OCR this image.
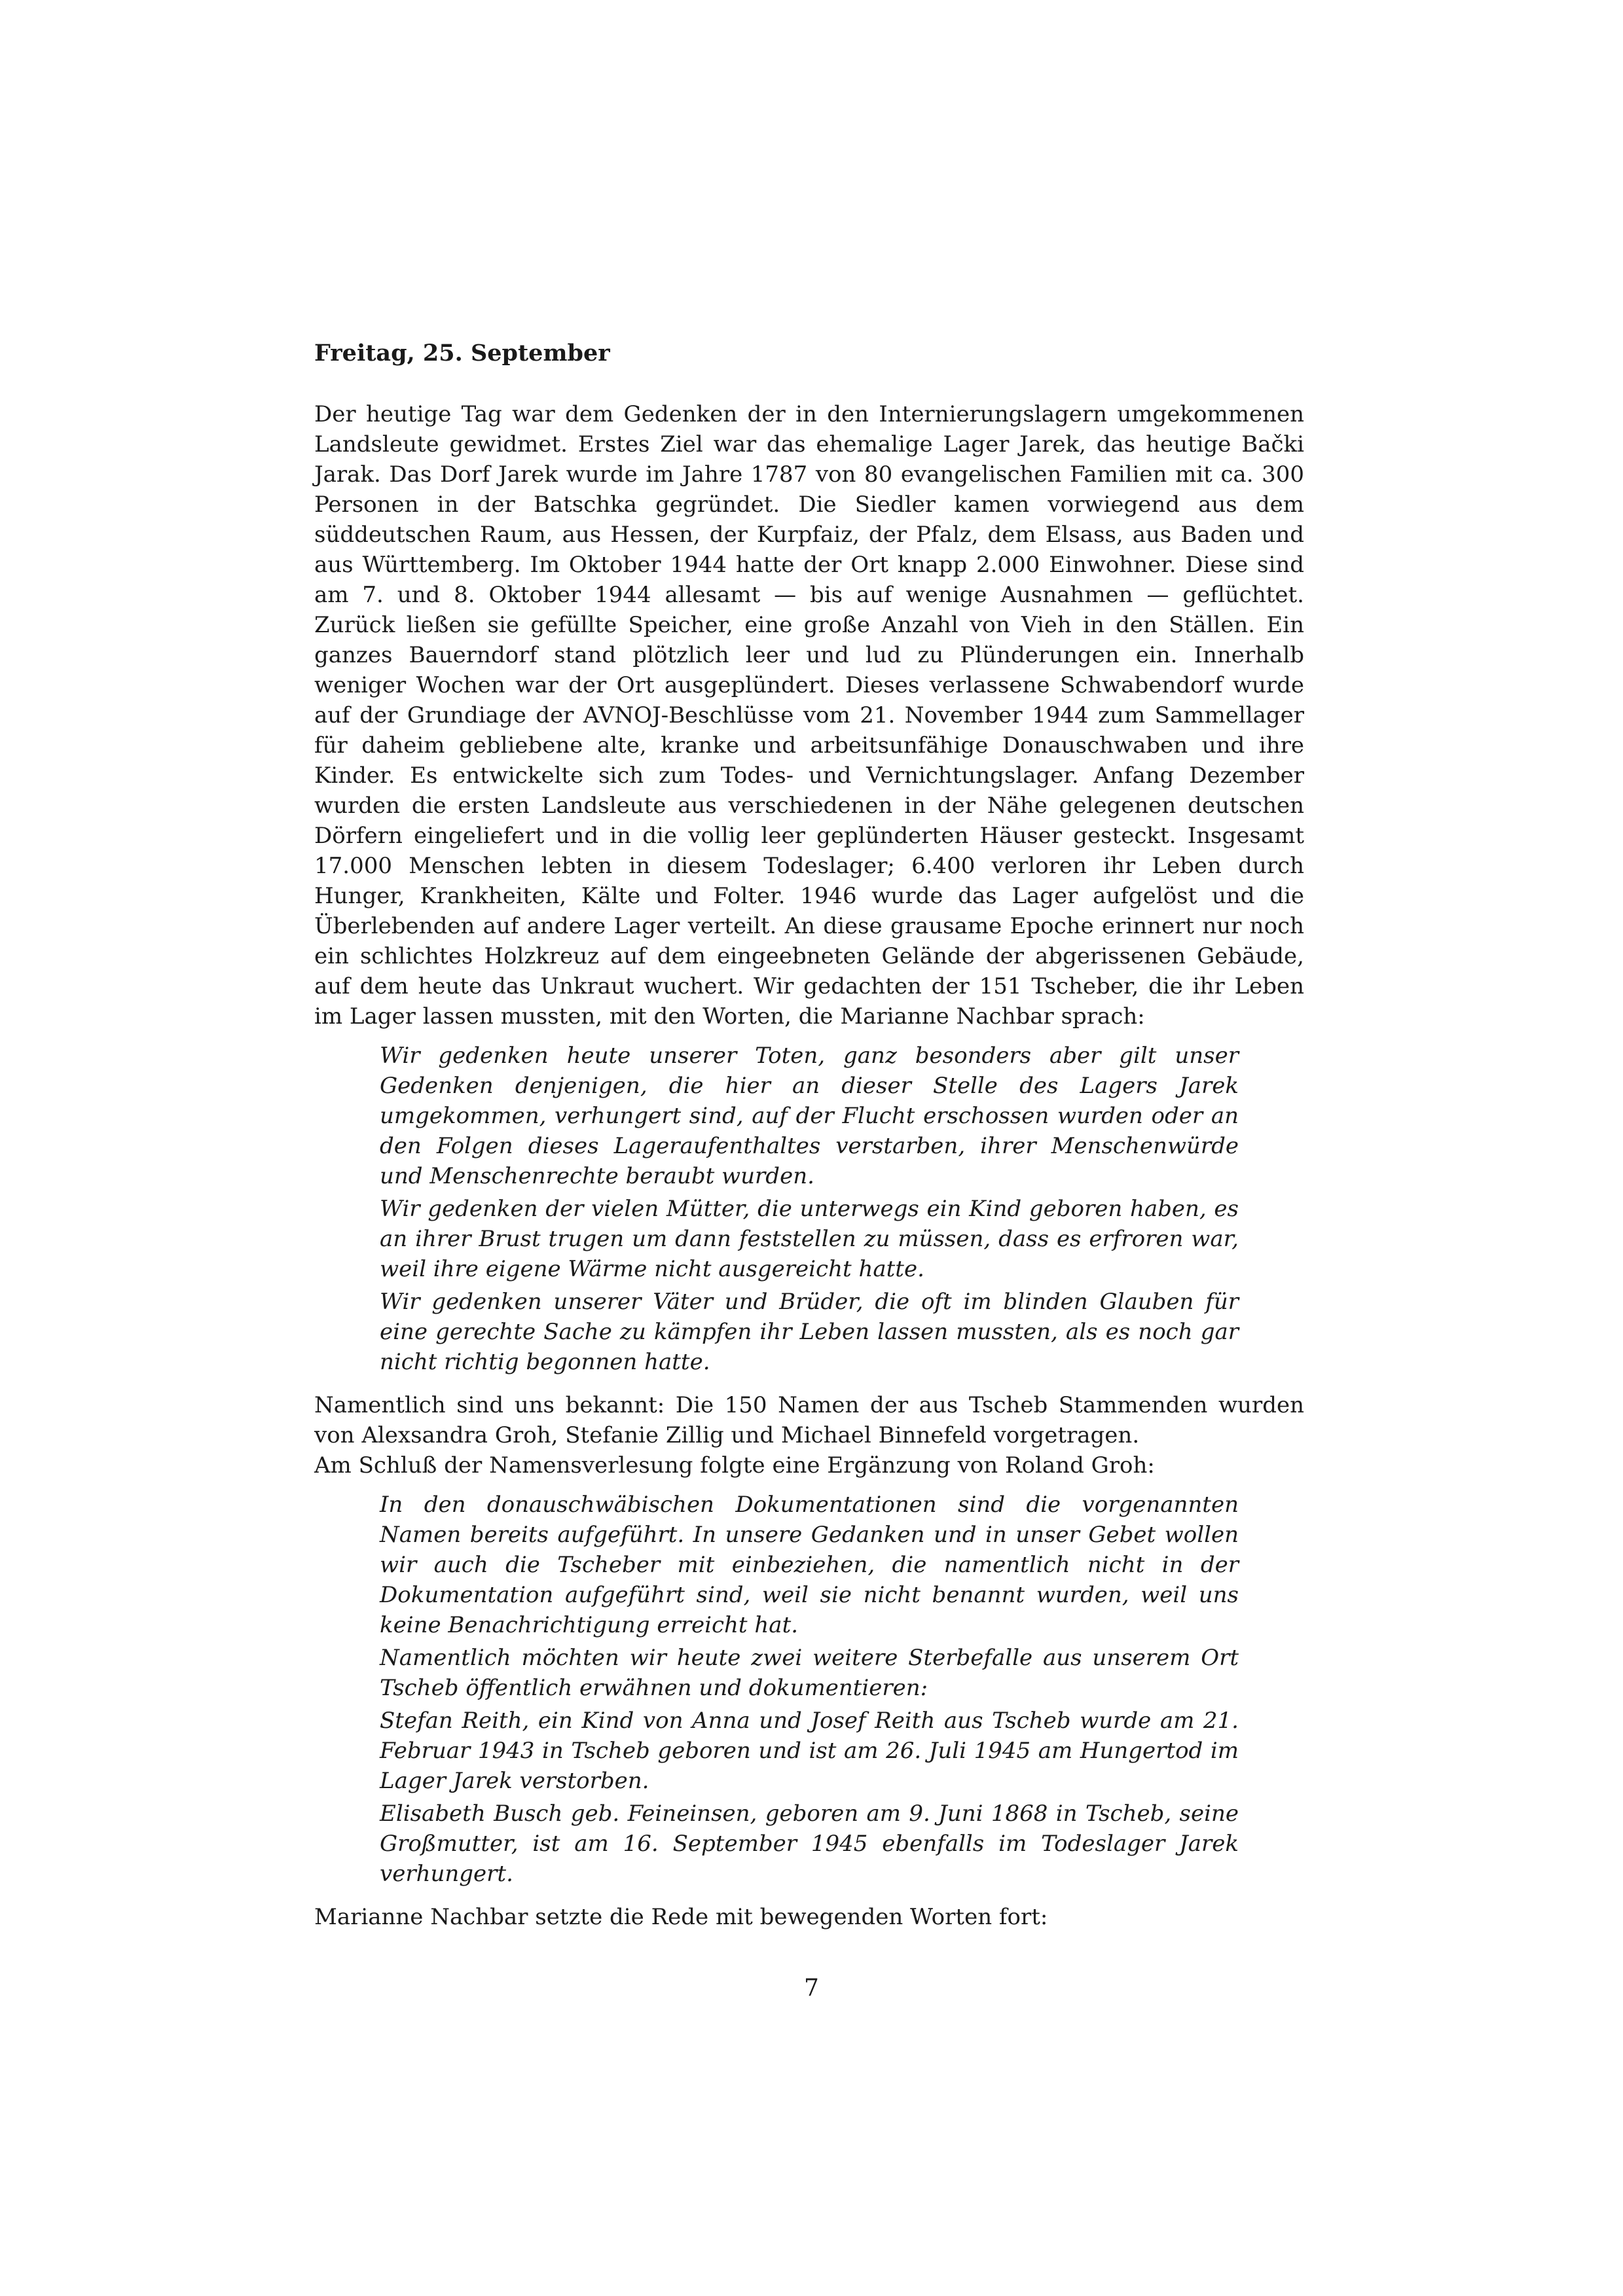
Freitag, 25. September

Der heutige Tag war dem Gedenken der in den Internierungslagern umgekommenen Landsleute gewidmet. Erstes Ziel war das ehemalige Lager Jarek, das heutige Bački Jarak. Das Dorf Jarek wurde im Jahre 1787 von 80 evangelischen Familien mit ca. 300 Personen in der Batschka gegründet. Die Siedler kamen vorwiegend aus dem süddeutschen Raum, aus Hessen, der Kurpfaiz, der Pfalz, dem Elsass, aus Baden und aus Württemberg. Im Oktober 1944 hatte der Ort knapp 2.000 Einwohner. Diese sind am 7. und 8. Oktober 1944 allesamt — bis auf wenige Ausnahmen — geflüchtet. Zurück ließen sie gefüllte Speicher, eine große Anzahl von Vieh in den Ställen. Ein ganzes Bauerndorf stand plötzlich leer und lud zu Plünderungen ein. Innerhalb weniger Wochen war der Ort ausgeplündert. Dieses verlassene Schwabendorf wurde auf der Grundiage der AVNOJ-Beschlüsse vom 21. November 1944 zum Sammellager für daheim gebliebene alte, kranke und arbeitsunfähige Donauschwaben und ihre Kinder. Es entwickelte sich zum Todes- und Vernichtungslager. Anfang Dezember wurden die ersten Landsleute aus verschiedenen in der Nähe gelegenen deutschen Dörfern eingeliefert und in die vollig leer geplünderten Häuser gesteckt. Insgesamt 17.000 Menschen lebten in diesem Todeslager; 6.400 verloren ihr Leben durch Hunger, Krankheiten, Kälte und Folter. 1946 wurde das Lager aufgelöst und die Überlebenden auf andere Lager verteilt. An diese grausame Epoche erinnert nur noch ein schlichtes Holzkreuz auf dem eingeebneten Gelände der abgerissenen Gebäude, auf dem heute das Unkraut wuchert. Wir gedachten der 151 Tscheber, die ihr Leben im Lager lassen mussten, mit den Worten, die Marianne Nachbar sprach:

Wir gedenken heute unserer Toten, ganz besonders aber gilt unser Gedenken denjenigen, die hier an dieser Stelle des Lagers Jarek umgekommen, verhungert sind, auf der Flucht erschossen wurden oder an den Folgen dieses Lageraufenthaltes verstarben, ihrer Menschenwürde und Menschenrechte beraubt wurden.

Wir gedenken der vielen Mütter, die unterwegs ein Kind geboren haben, es an ihrer Brust trugen um dann feststellen zu müssen, dass es erfroren war, weil ihre eigene Wärme nicht ausgereicht hatte.

Wir gedenken unserer Väter und Brüder, die oft im blinden Glauben für eine gerechte Sache zu kämpfen ihr Leben lassen mussten, als es noch gar nicht richtig begonnen hatte.

Namentlich sind uns bekannt: Die 150 Namen der aus Tscheb Stammenden wurden von Alexsandra Groh, Stefanie Zillig und Michael Binnefeld vorgetragen.

Am Schluß der Namensverlesung folgte eine Ergänzung von Roland Groh:

In den donauschwäbischen Dokumentationen sind die vorgenannten Namen bereits aufgeführt. In unsere Gedanken und in unser Gebet wollen wir auch die Tscheber mit einbeziehen, die namentlich nicht in der Dokumentation aufgeführt sind, weil sie nicht benannt wurden, weil uns keine Benachrichtigung erreicht hat.

Namentlich möchten wir heute zwei weitere Sterbefalle aus unserem Ort Tscheb öffentlich erwähnen und dokumentieren:

Stefan Reith, ein Kind von Anna und Josef Reith aus Tscheb wurde am 21. Februar 1943 in Tscheb geboren und ist am 26. Juli 1945 am Hungertod im Lager Jarek verstorben.

Elisabeth Busch geb. Feineinsen, geboren am 9. Juni 1868 in Tscheb, seine Großmutter, ist am 16. September 1945 ebenfalls im Todeslager Jarek verhungert.

Marianne Nachbar setzte die Rede mit bewegenden Worten fort:

7
